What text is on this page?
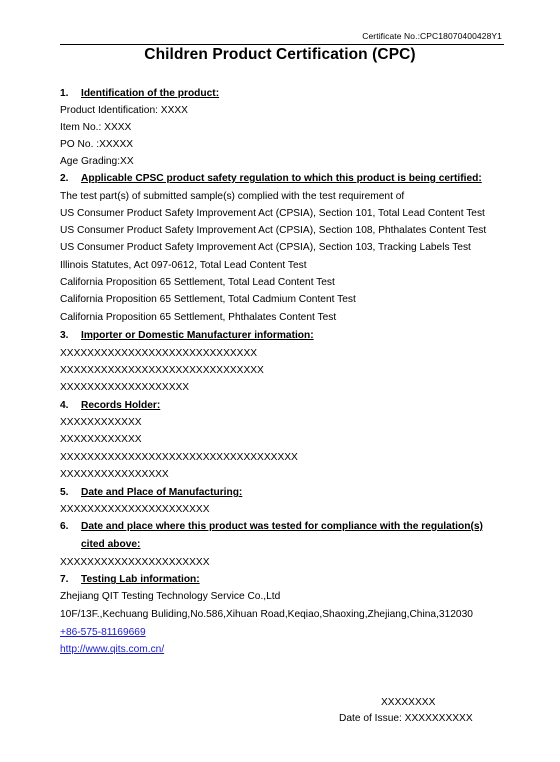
Certificate No.:CPC18070400428Y1
Children Product Certification (CPC)
1. Identification of the product:
Product Identification: XXXX
Item No.: XXXX
PO No. :XXXXX
Age Grading:XX
2. Applicable CPSC product safety regulation to which this product is being certified:
The test part(s) of submitted sample(s) complied with the test requirement of
US Consumer Product Safety Improvement Act (CPSIA), Section 101, Total Lead Content Test
US Consumer Product Safety Improvement Act (CPSIA), Section 108, Phthalates Content Test
US Consumer Product Safety Improvement Act (CPSIA), Section 103, Tracking Labels Test
Illinois Statutes, Act 097-0612, Total Lead Content Test
California Proposition 65 Settlement, Total Lead Content Test
California Proposition 65 Settlement, Total Cadmium Content Test
California Proposition 65 Settlement, Phthalates Content Test
3. Importer or Domestic Manufacturer information:
XXXXXXXXXXXXXXXXXXXXXXXXXXXXX
XXXXXXXXXXXXXXXXXXXXXXXXXXXXXX
XXXXXXXXXXXXXXXXXXX
4. Records Holder:
XXXXXXXXXXXX
XXXXXXXXXXXX
XXXXXXXXXXXXXXXXXXXXXXXXXXXXXXXXXXX
XXXXXXXXXXXXXXXX
5. Date and Place of Manufacturing:
XXXXXXXXXXXXXXXXXXXXXX
6. Date and place where this product was tested for compliance with the regulation(s)
cited above:
XXXXXXXXXXXXXXXXXXXXXX
7. Testing Lab information:
Zhejiang QIT Testing Technology Service Co.,Ltd
10F/13F.,Kechuang Buliding,No.586,Xihuan Road,Keqiao,Shaoxing,Zhejiang,China,312030
+86-575-81169669
http://www.qits.com.cn/
XXXXXXXX
Date of Issue: XXXXXXXXXX
